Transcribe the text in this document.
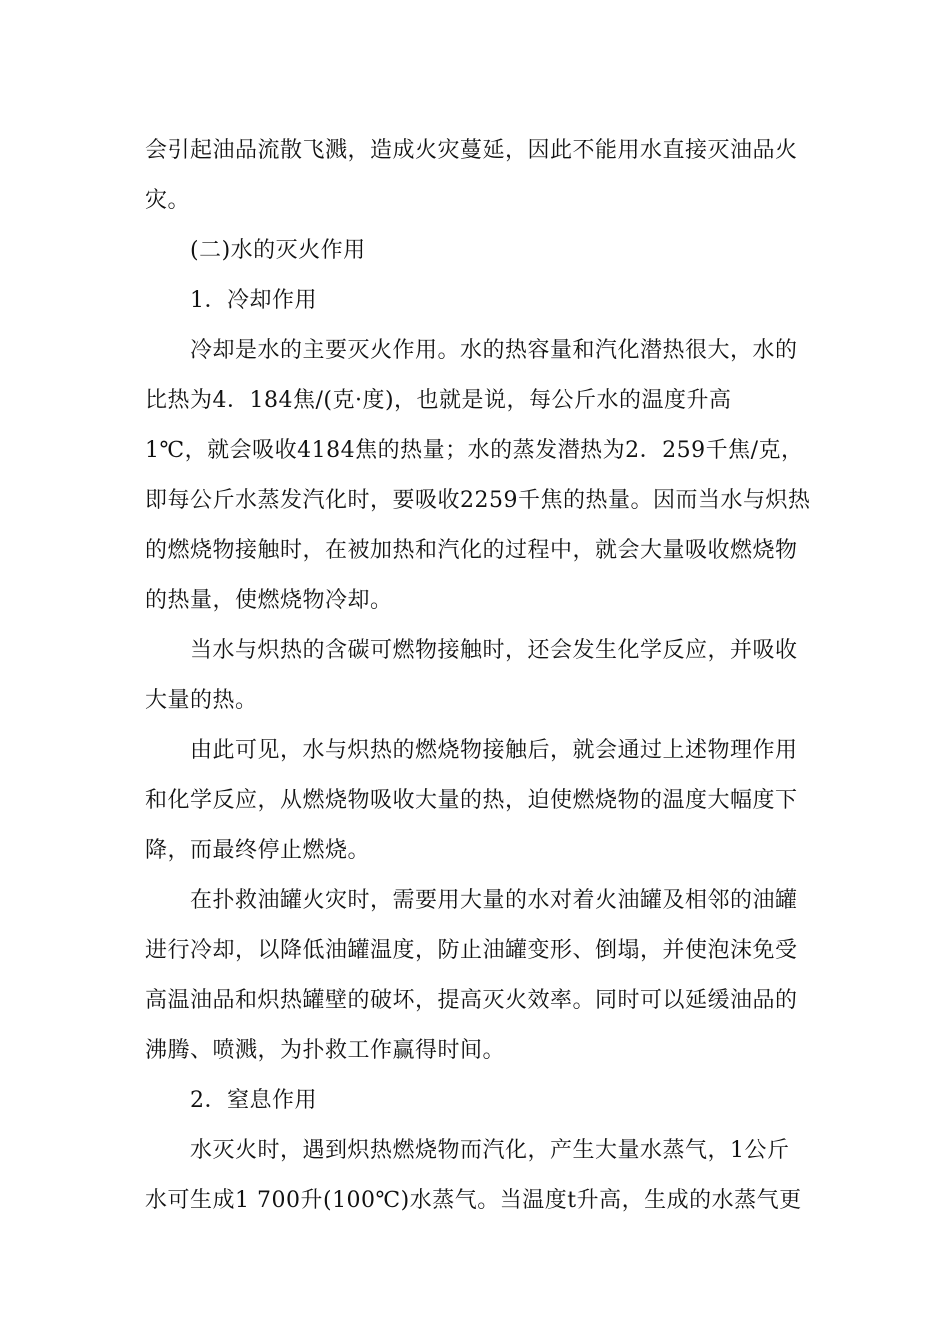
会引起油品流散飞溅，造成火灾蔓延，因此不能用水直接灭油品火
灾。
(二)水的灭火作用
1．冷却作用
冷却是水的主要灭火作用。水的热容量和汽化潜热很大，水的
比热为4．184焦/(克·度)，也就是说，每公斤水的温度升高
1℃，就会吸收4184焦的热量；水的蒸发潜热为2．259千焦/克，
即每公斤水蒸发汽化时，要吸收2259千焦的热量。因而当水与炽热
的燃烧物接触时，在被加热和汽化的过程中，就会大量吸收燃烧物
的热量，使燃烧物冷却。
当水与炽热的含碳可燃物接触时，还会发生化学反应，并吸收
大量的热。
由此可见，水与炽热的燃烧物接触后，就会通过上述物理作用
和化学反应，从燃烧物吸收大量的热，迫使燃烧物的温度大幅度下
降，而最终停止燃烧。
在扑救油罐火灾时，需要用大量的水对着火油罐及相邻的油罐
进行冷却，以降低油罐温度，防止油罐变形、倒塌，并使泡沫免受
高温油品和炽热罐壁的破坏，提高灭火效率。同时可以延缓油品的
沸腾、喷溅，为扑救工作赢得时间。
2．窒息作用
水灭火时，遇到炽热燃烧物而汽化，产生大量水蒸气，1公斤
水可生成1 700升(100℃)水蒸气。当温度t升高，生成的水蒸气更
